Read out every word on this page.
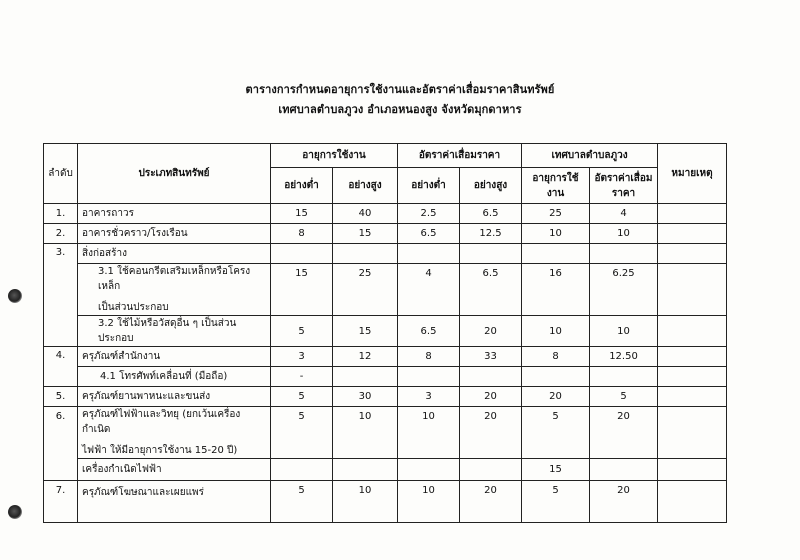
ตารางการกำหนดอายุการใช้งานและอัตราค่าเสื่อมราคาสินทรัพย์
เทศบาลตำบลภูวง อำเภอหนองสูง จังหวัดมุกดาหาร
ลำดับ	ประเภทสินทรัพย์	อายุการใช้งาน		อัตราค่าเสื่อมราคา		เทศบาลตำบลภูวง		หมายเหตุ
		อย่างต่ำ	อย่างสูง	อย่างต่ำ	อย่างสูง	อายุการใช้งาน	อัตราค่าเสื่อมราคา	
1.	อาคารถาวร	15	40	2.5	6.5	25	4	
2.	อาคารชั่วคราว/โรงเรือน	8	15	6.5	12.5	10	10	
3.	สิ่งก่อสร้าง							

	3.1 ใช้คอนกรีตเสริมเหล็กหรือโครงเหล็ก
เป็นส่วนประกอบ	15	25	4	6.5	16	6.25	
	3.2 ใช้ไม้หรือวัสดุอื่น ๆ เป็นส่วนประกอบ	5	15	6.5	20	10	10	
4.	ครุภัณฑ์สำนักงาน	3	12	8	33	8	12.50	
	4.1 โทรศัพท์เคลื่อนที่ (มือถือ)	-						
5.	ครุภัณฑ์ยานพาหนะและขนส่ง	5	30	3	20	20	5	
6.	ครุภัณฑ์ไฟฟ้าและวิทยุ (ยกเว้นเครื่องกำเนิด
ไฟฟ้า ให้มีอายุการใช้งาน 15-20 ปี)	5	10	10	20	5	20	
	เครื่องกำเนิดไฟฟ้า					15		
7.	ครุภัณฑ์โฆษณาและเผยแพร่	5	10	10	20	5	20	
